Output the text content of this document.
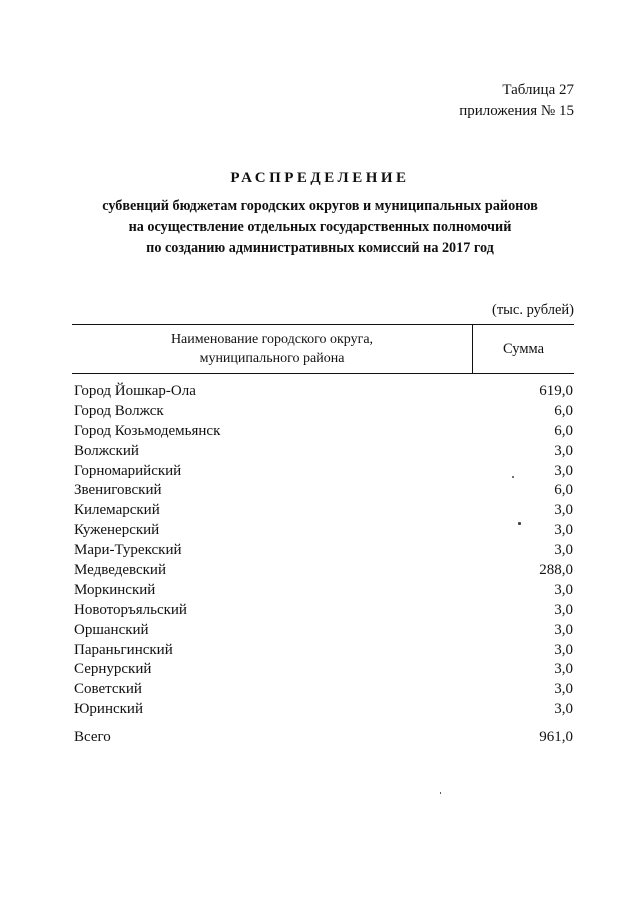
Таблица 27
приложения № 15
РАСПРЕДЕЛЕНИЕ
субвенций бюджетам городских округов и муниципальных районов
на осуществление отдельных государственных полномочий
по созданию административных комиссий на 2017 год
(тыс. рублей)
Наименование городского округа,
муниципального района
Сумма
Город Йошкар-Ола	619,0
Город Волжск	6,0
Город Козьмодемьянск	6,0
Волжский	3,0
Горномарийский	3,0
Звениговский	6,0
Килемарский	3,0
Куженерский	3,0
Мари-Турекский	3,0
Медведевский	288,0
Моркинский	3,0
Новоторъяльский	3,0
Оршанский	3,0
Параньгинский	3,0
Сернурский	3,0
Советский	3,0
Юринский	3,0
Всего	961,0
